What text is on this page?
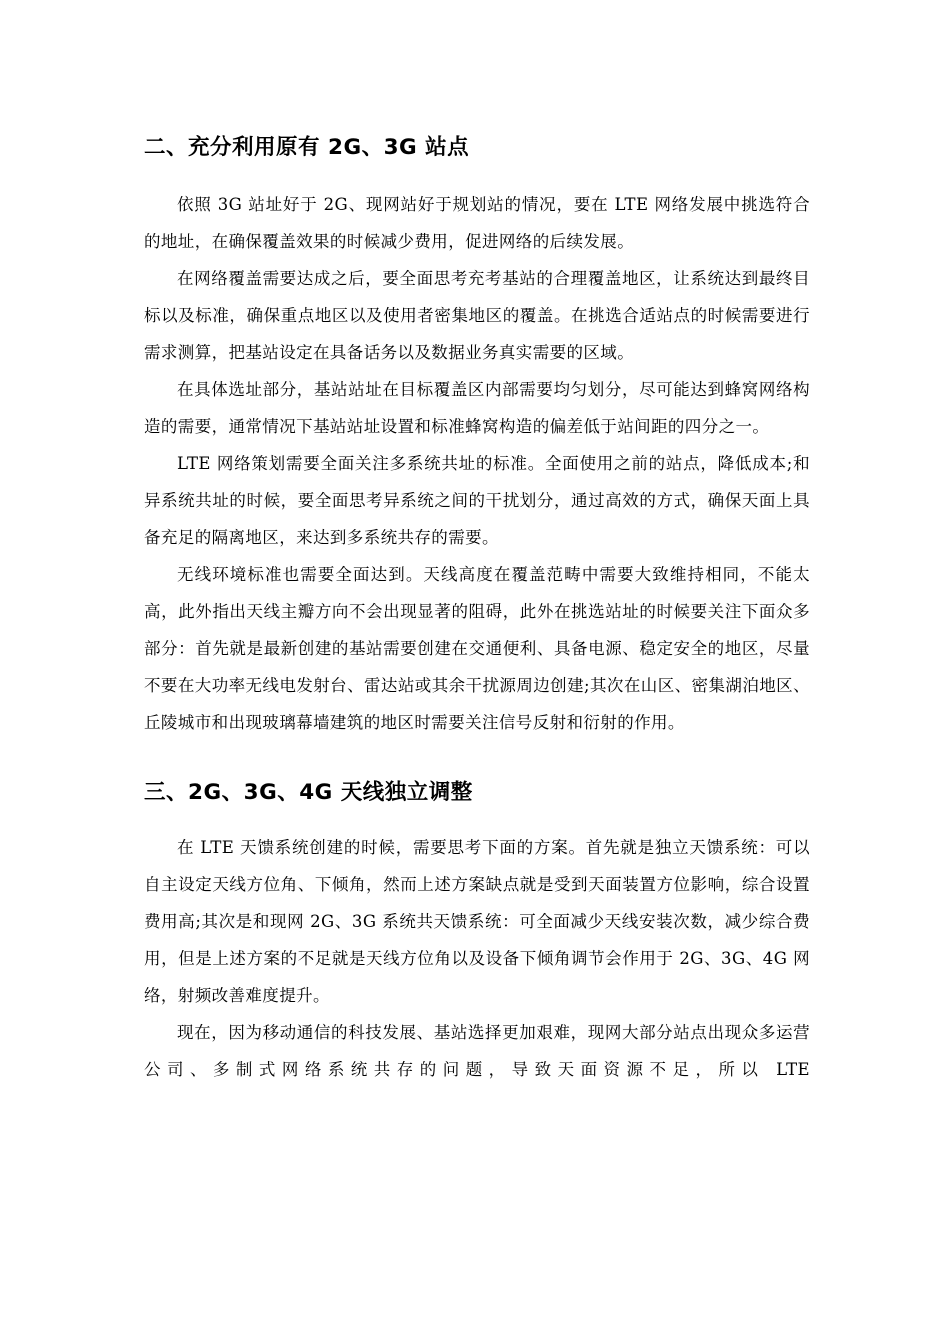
二、充分利用原有 2G、3G 站点

依照 3G 站址好于 2G、现网站好于规划站的情况，要在 LTE 网络发展中挑选符合的地址，在确保覆盖效果的时候减少费用，促进网络的后续发展。

在网络覆盖需要达成之后，要全面思考充考基站的合理覆盖地区，让系统达到最终目标以及标准，确保重点地区以及使用者密集地区的覆盖。在挑选合适站点的时候需要进行需求测算，把基站设定在具备话务以及数据业务真实需要的区域。

在具体选址部分，基站站址在目标覆盖区内部需要均匀划分，尽可能达到蜂窝网络构造的需要，通常情况下基站站址设置和标准蜂窝构造的偏差低于站间距的四分之一。

LTE 网络策划需要全面关注多系统共址的标准。全面使用之前的站点，降低成本;和异系统共址的时候，要全面思考异系统之间的干扰划分，通过高效的方式，确保天面上具备充足的隔离地区，来达到多系统共存的需要。

无线环境标准也需要全面达到。天线高度在覆盖范畴中需要大致维持相同，不能太高，此外指出天线主瓣方向不会出现显著的阻碍，此外在挑选站址的时候要关注下面众多部分：首先就是最新创建的基站需要创建在交通便利、具备电源、稳定安全的地区，尽量不要在大功率无线电发射台、雷达站或其余干扰源周边创建;其次在山区、密集湖泊地区、丘陵城市和出现玻璃幕墙建筑的地区时需要关注信号反射和衍射的作用。

三、2G、3G、4G 天线独立调整

在 LTE 天馈系统创建的时候，需要思考下面的方案。首先就是独立天馈系统：可以自主设定天线方位角、下倾角，然而上述方案缺点就是受到天面装置方位影响，综合设置费用高;其次是和现网 2G、3G 系统共天馈系统：可全面减少天线安装次数，减少综合费用，但是上述方案的不足就是天线方位角以及设备下倾角调节会作用于 2G、3G、4G 网络，射频改善难度提升。

现在，因为移动通信的科技发展、基站选择更加艰难，现网大部分站点出现众多运营公司、多制式网络系统共存的问题，导致天面资源不足，所以 LTE
